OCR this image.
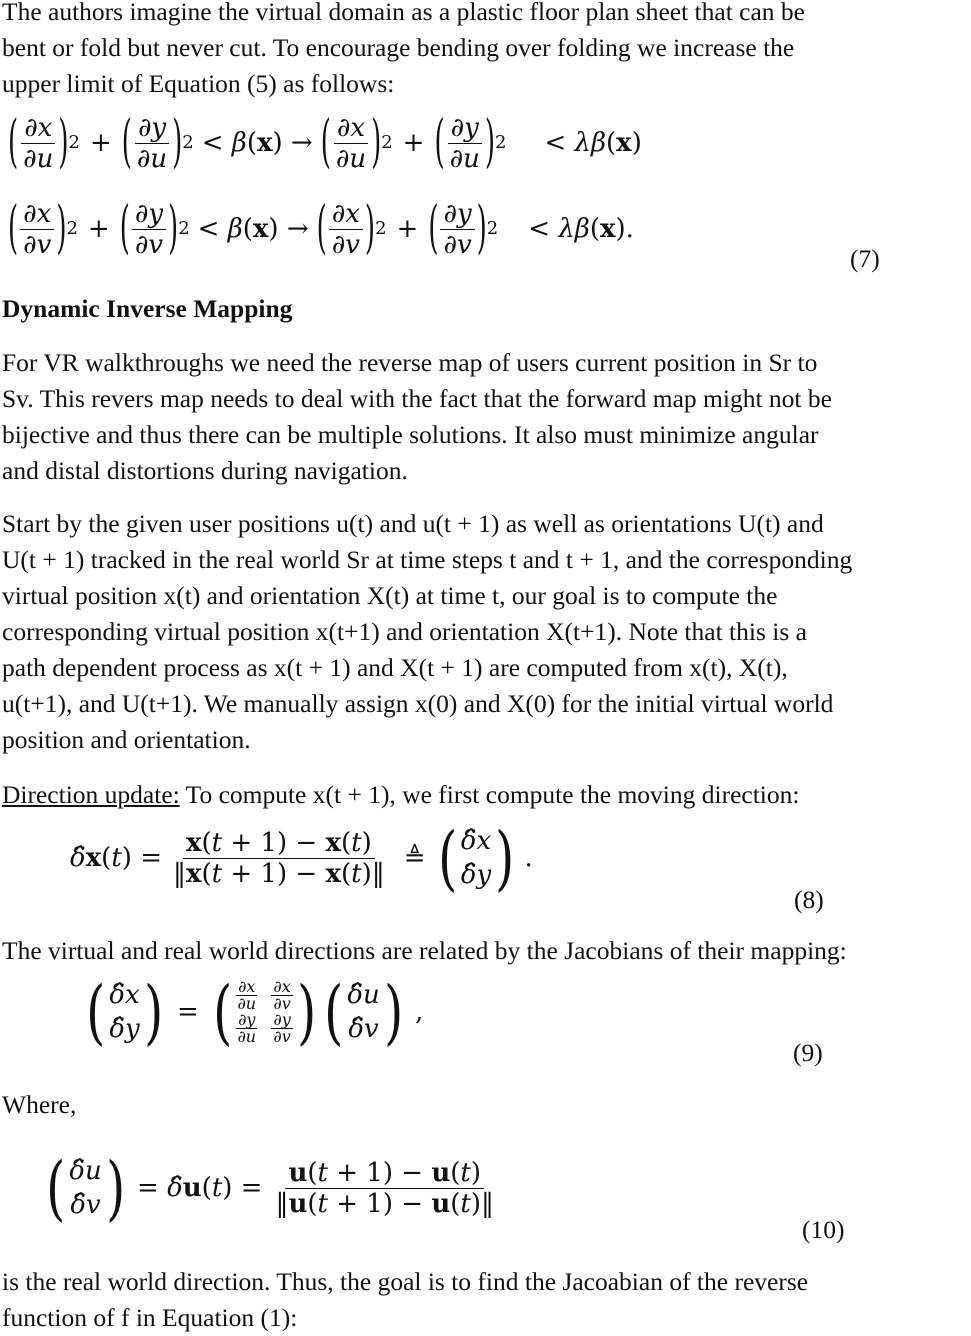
The authors imagine the virtual domain as a plastic floor plan sheet that can be
bent or fold but never cut. To encourage bending over folding we increase the
upper limit of Equation (5) as follows:
( $\frac{\partial x}{\partial u}$ ) 2 + ( $\frac{\partial y}{\partial u}$ ) 2 < β(x) → ( $\frac{\partial x}{\partial u}$ ) 2 + ( $\frac{\partial y}{\partial u}$ ) 2 < λβ(x)
( $\frac{\partial x}{\partial v}$ ) 2 + ( $\frac{\partial y}{\partial v}$ ) 2 < β(x) → ( $\frac{\partial x}{\partial v}$ ) 2 + ( $\frac{\partial y}{\partial v}$ ) 2 < λβ(x).
(7)
Dynamic Inverse Mapping
For VR walkthroughs we need the reverse map of users current position in Sr to
Sv. This revers map needs to deal with the fact that the forward map might not be
bijective and thus there can be multiple solutions. It also must minimize angular
and distal distortions during navigation.
Start by the given user positions u(t) and u(t + 1) as well as orientations U(t) and
U(t + 1) tracked in the real world Sr at time steps t and t + 1, and the corresponding
virtual position x(t) and orientation X(t) at time t, our goal is to compute the
corresponding virtual position x(t+1) and orientation X(t+1). Note that this is a
path dependent process as x(t + 1) and X(t + 1) are computed from x(t), X(t),
u(t+1), and U(t+1). We manually assign x(0) and X(0) for the initial virtual world
position and orientation.
Direction update: To compute x(t + 1), we first compute the moving direction:
δ̂x(t) = $\frac{x(t + 1) - x(t)}{‖x(t + 1) - x(t)‖}$ ≜ ( δ̂x
δ̂y ) .
(8)
The virtual and real world directions are related by the Jacobians of their mapping:
( δ̂x
δ̂y ) = ( ∂x
∂u
∂x
∂v
∂y
∂u
∂y
∂v ) ( δ̂u
δ̂v ) ,
(9)
Where,
( δ̂u
δ̂v ) = δ̂u(t) = $\frac{u(t + 1) - u(t)}{‖u(t + 1) - u(t)‖}$
(10)
is the real world direction. Thus, the goal is to find the Jacoabian of the reverse
function of f in Equation (1):
